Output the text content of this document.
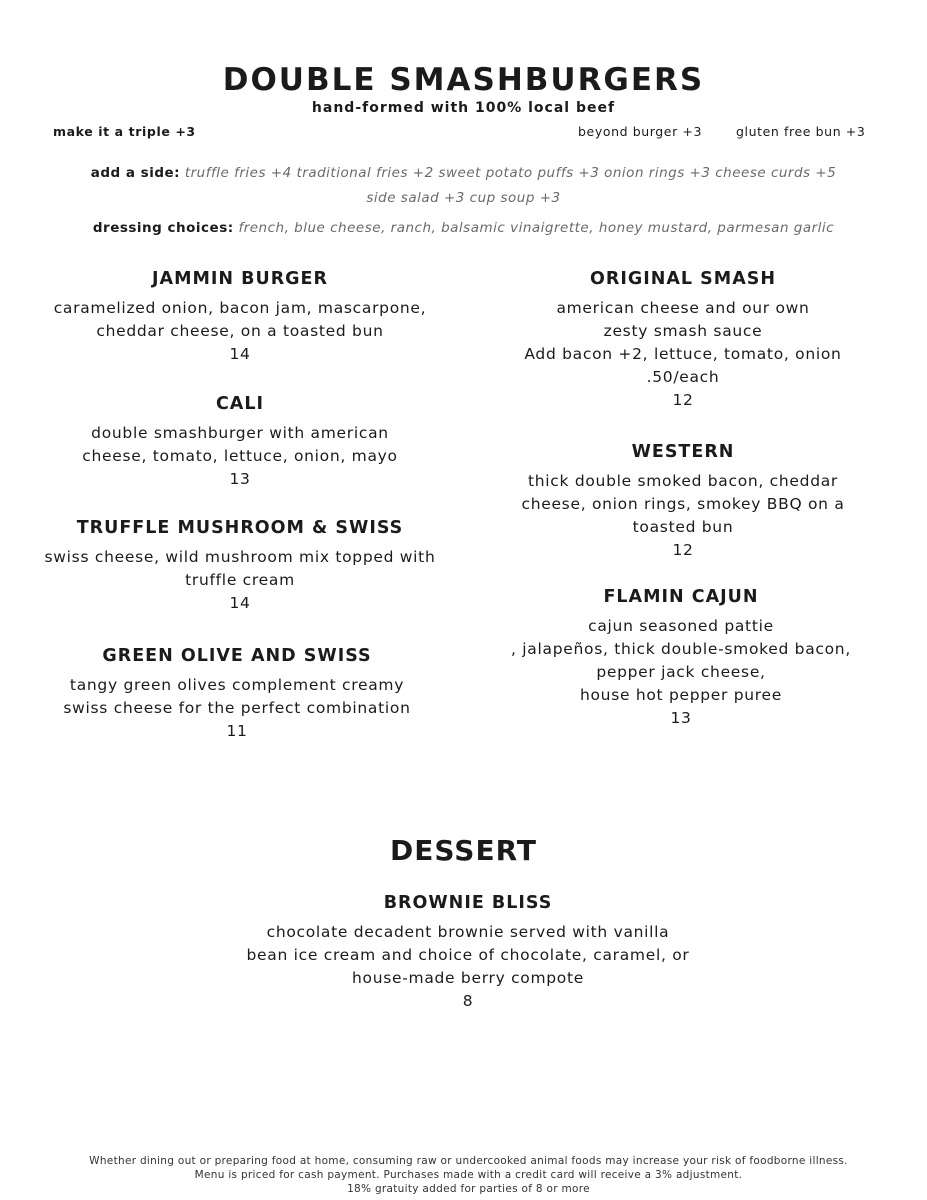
DOUBLE SMASHBURGERS
hand-formed with 100% local beef
make it a triple +3	beyond burger +3	gluten free bun +3
add a side: truffle fries +4 traditional fries +2 sweet potato puffs +3 onion rings +3 cheese curds +5
side salad +3 cup soup +3
dressing choices: french, blue cheese, ranch, balsamic vinaigrette, honey mustard, parmesan garlic
JAMMIN BURGER
caramelized onion, bacon jam, mascarpone,
cheddar cheese, on a toasted bun
14
CALI
double smashburger with american
cheese, tomato, lettuce, onion, mayo
13
TRUFFLE MUSHROOM & SWISS
swiss cheese, wild mushroom mix topped with
truffle cream
14
GREEN OLIVE AND SWISS
tangy green olives complement creamy
swiss cheese for the perfect combination
11
ORIGINAL SMASH
american cheese and our own
zesty smash sauce
Add bacon +2, lettuce, tomato, onion
.50/each
12
WESTERN
thick double smoked bacon, cheddar
cheese, onion rings, smokey BBQ on a
toasted bun
12
FLAMIN CAJUN
cajun seasoned pattie
, jalapeños, thick double-smoked bacon,
pepper jack cheese,
house hot pepper puree
13
DESSERT
BROWNIE BLISS
chocolate decadent brownie served with vanilla
bean ice cream and choice of chocolate, caramel, or
house-made berry compote
8
Whether dining out or preparing food at home, consuming raw or undercooked animal foods may increase your risk of foodborne illness.
Menu is priced for cash payment. Purchases made with a credit card will receive a 3% adjustment.
18% gratuity added for parties of 8 or more
